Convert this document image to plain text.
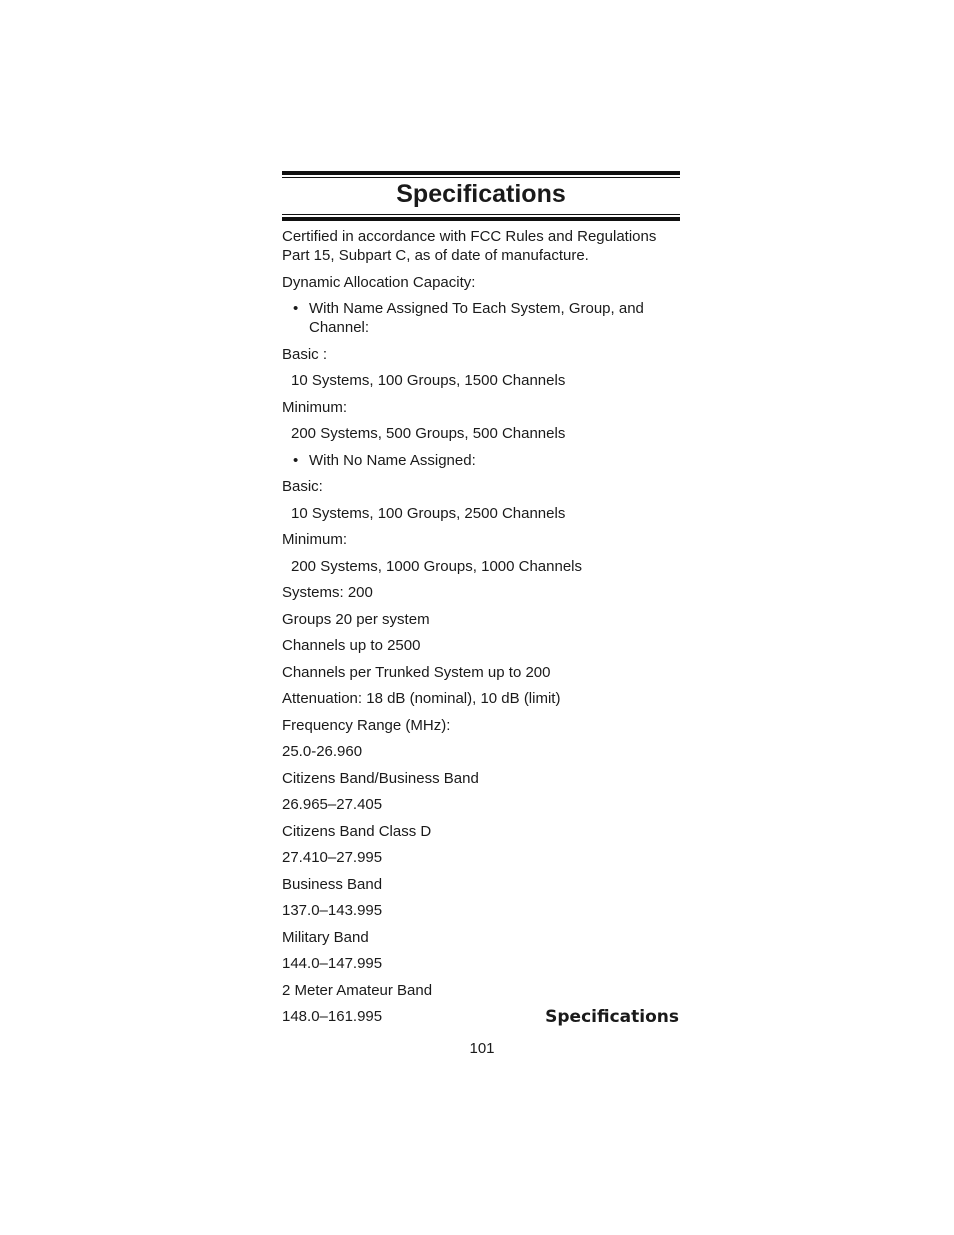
Specifications

Certified in accordance with FCC Rules and Regulations

Part 15, Subpart C, as of date of manufacture.

Dynamic Allocation Capacity:

• With Name Assigned To Each System, Group, and

Channel:

Basic :

10 Systems, 100 Groups, 1500 Channels

Minimum:

200 Systems, 500 Groups, 500 Channels

• With No Name Assigned:

Basic:

10 Systems, 100 Groups, 2500 Channels

Minimum:

200 Systems, 1000 Groups, 1000 Channels

Systems: 200

Groups 20 per system

Channels up to 2500

Channels per Trunked System up to 200

Attenuation: 18 dB (nominal), 10 dB (limit)

Frequency Range (MHz):

25.0-26.960

Citizens Band/Business Band

26.965–27.405

Citizens Band Class D

27.410–27.995

Business Band

137.0–143.995

Military Band

144.0–147.995

2 Meter Amateur Band

148.0–161.995	Specifications
101
